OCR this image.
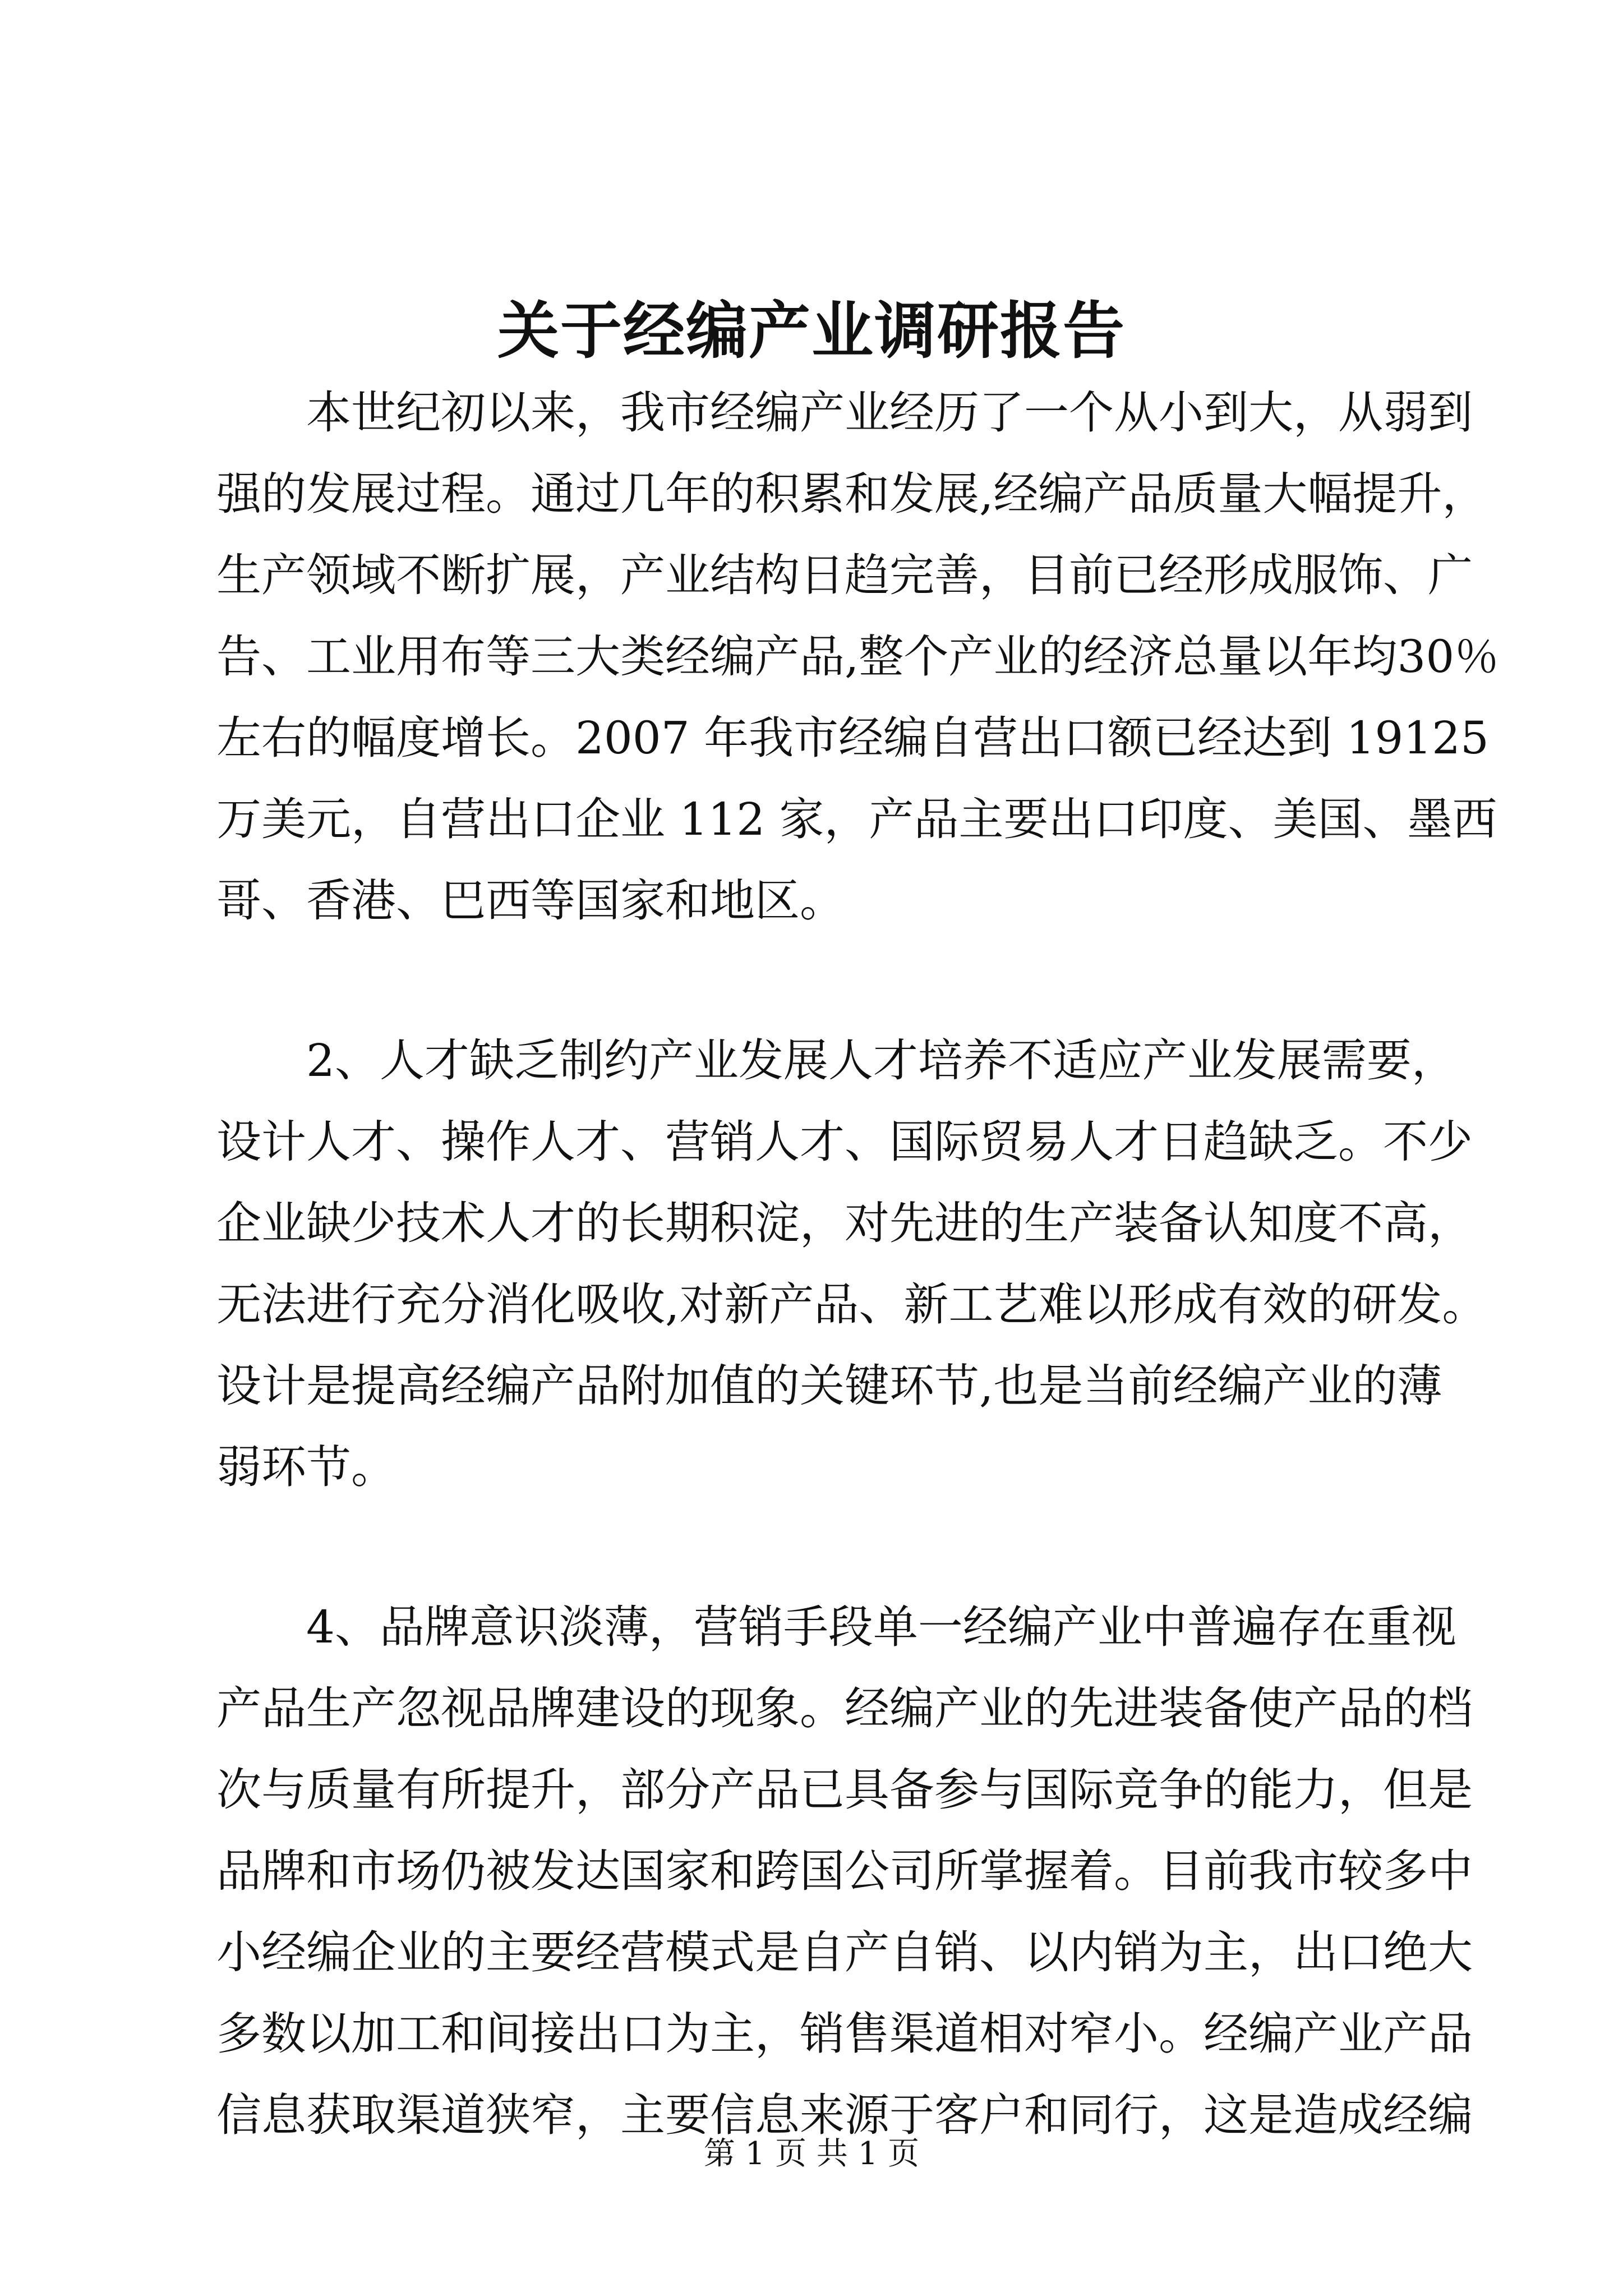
关于经编产业调研报告
本世纪初以来，我市经编产业经历了一个从小到大，从弱到
强的发展过程。通过几年的积累和发展,经编产品质量大幅提升，
生产领域不断扩展，产业结构日趋完善，目前已经形成服饰、广
告、工业用布等三大类经编产品,整个产业的经济总量以年均30％
左右的幅度增长。2007 年我市经编自营出口额已经达到 19125
万美元，自营出口企业 112 家，产品主要出口印度、美国、墨西
哥、香港、巴西等国家和地区。
2、人才缺乏制约产业发展人才培养不适应产业发展需要，
设计人才、操作人才、营销人才、国际贸易人才日趋缺乏。不少
企业缺少技术人才的长期积淀，对先进的生产装备认知度不高，
无法进行充分消化吸收,对新产品、新工艺难以形成有效的研发。
设计是提高经编产品附加值的关键环节,也是当前经编产业的薄
弱环节。
4、品牌意识淡薄，营销手段单一经编产业中普遍存在重视
产品生产忽视品牌建设的现象。经编产业的先进装备使产品的档
次与质量有所提升，部分产品已具备参与国际竞争的能力，但是
品牌和市场仍被发达国家和跨国公司所掌握着。目前我市较多中
小经编企业的主要经营模式是自产自销、以内销为主，出口绝大
多数以加工和间接出口为主，销售渠道相对窄小。经编产业产品
信息获取渠道狭窄，主要信息来源于客户和同行，这是造成经编
第 1 页 共 1 页
